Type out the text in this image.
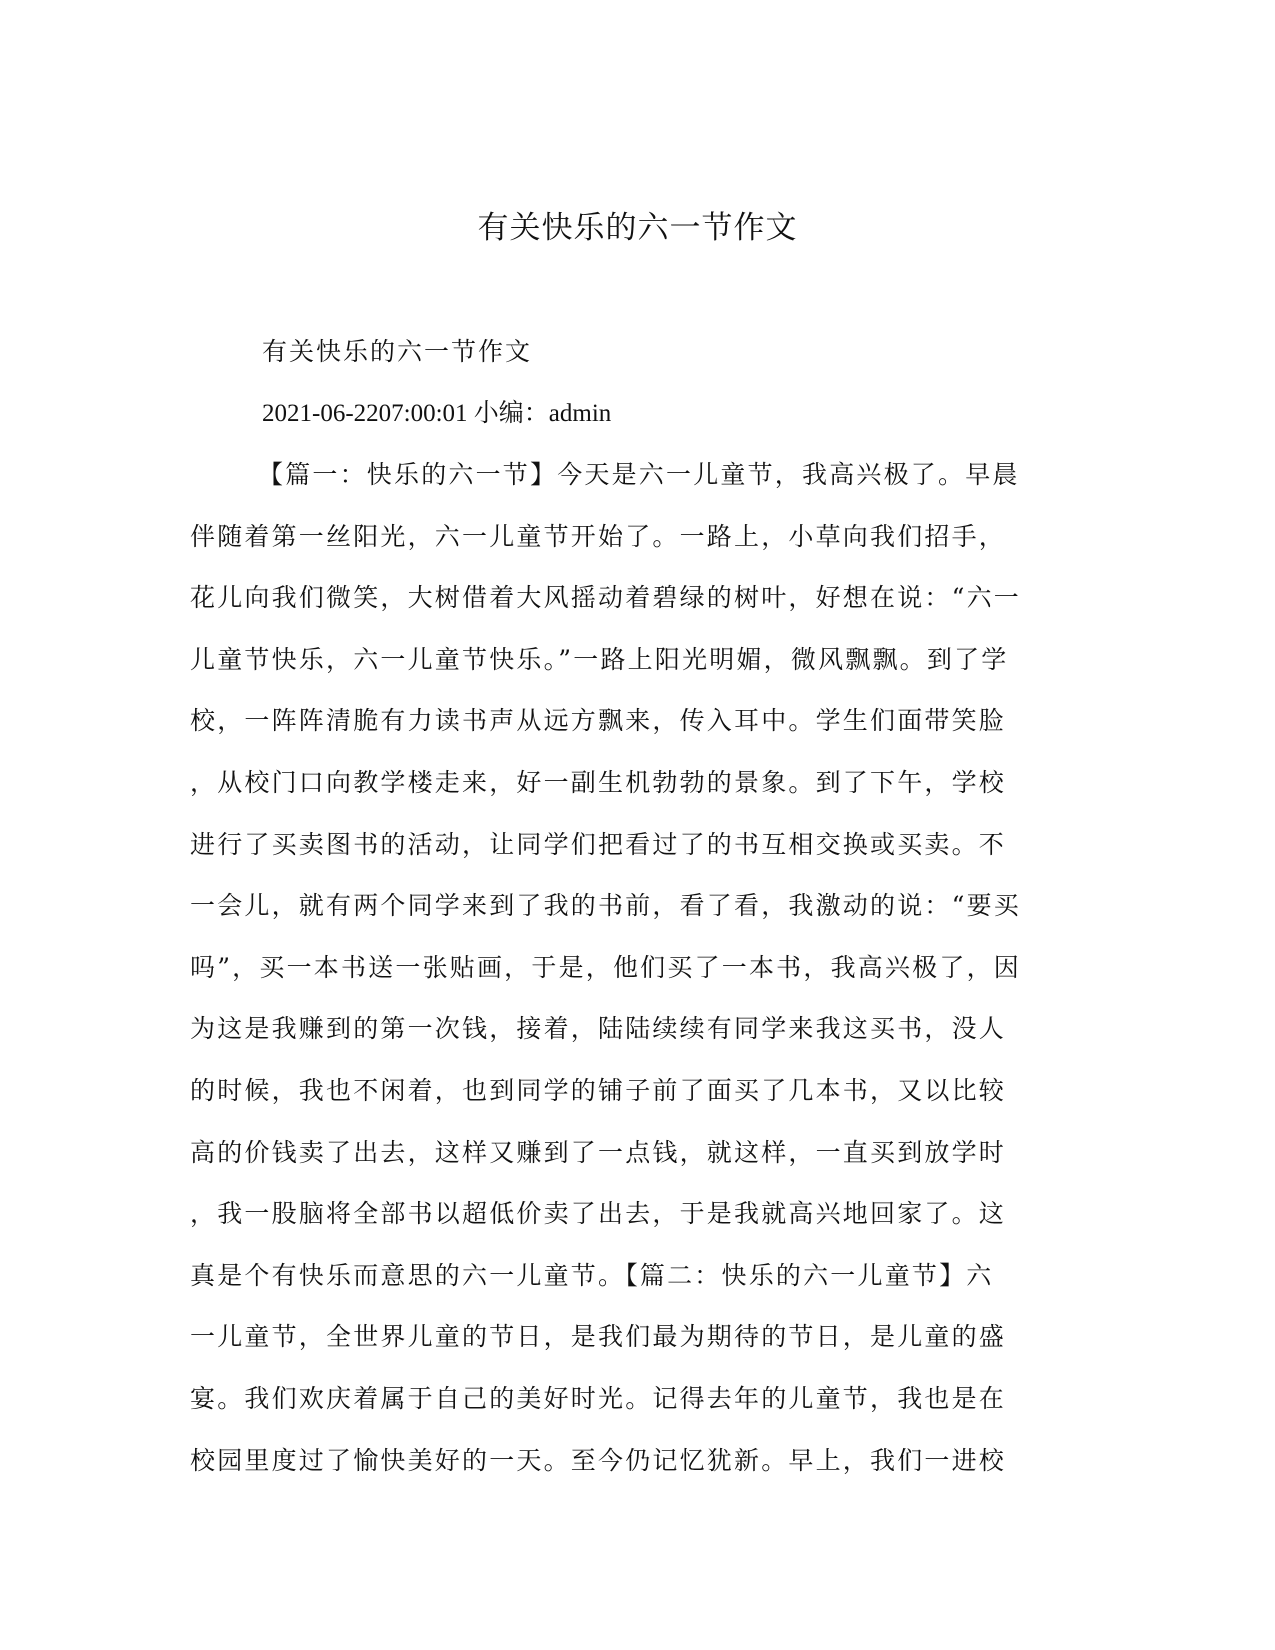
有关快乐的六一节作文

有关快乐的六一节作文

2021-06-2207:00:01 小编：admin

【篇一：快乐的六一节】今天是六一儿童节，我高兴极了。早晨
伴随着第一丝阳光，六一儿童节开始了。一路上，小草向我们招手，
花儿向我们微笑，大树借着大风摇动着碧绿的树叶，好想在说：“六一
儿童节快乐，六一儿童节快乐。”一路上阳光明媚，微风飘飘。到了学
校，一阵阵清脆有力读书声从远方飘来，传入耳中。学生们面带笑脸
，从校门口向教学楼走来，好一副生机勃勃的景象。到了下午，学校
进行了买卖图书的活动，让同学们把看过了的书互相交换或买卖。不
一会儿，就有两个同学来到了我的书前，看了看，我激动的说：“要买
吗”，买一本书送一张贴画，于是，他们买了一本书，我高兴极了，因
为这是我赚到的第一次钱，接着，陆陆续续有同学来我这买书，没人
的时候，我也不闲着，也到同学的铺子前了面买了几本书，又以比较
高的价钱卖了出去，这样又赚到了一点钱，就这样，一直买到放学时
，我一股脑将全部书以超低价卖了出去，于是我就高兴地回家了。这
真是个有快乐而意思的六一儿童节。【篇二：快乐的六一儿童节】六
一儿童节，全世界儿童的节日，是我们最为期待的节日，是儿童的盛
宴。我们欢庆着属于自己的美好时光。记得去年的儿童节，我也是在
校园里度过了愉快美好的一天。至今仍记忆犹新。早上，我们一进校
